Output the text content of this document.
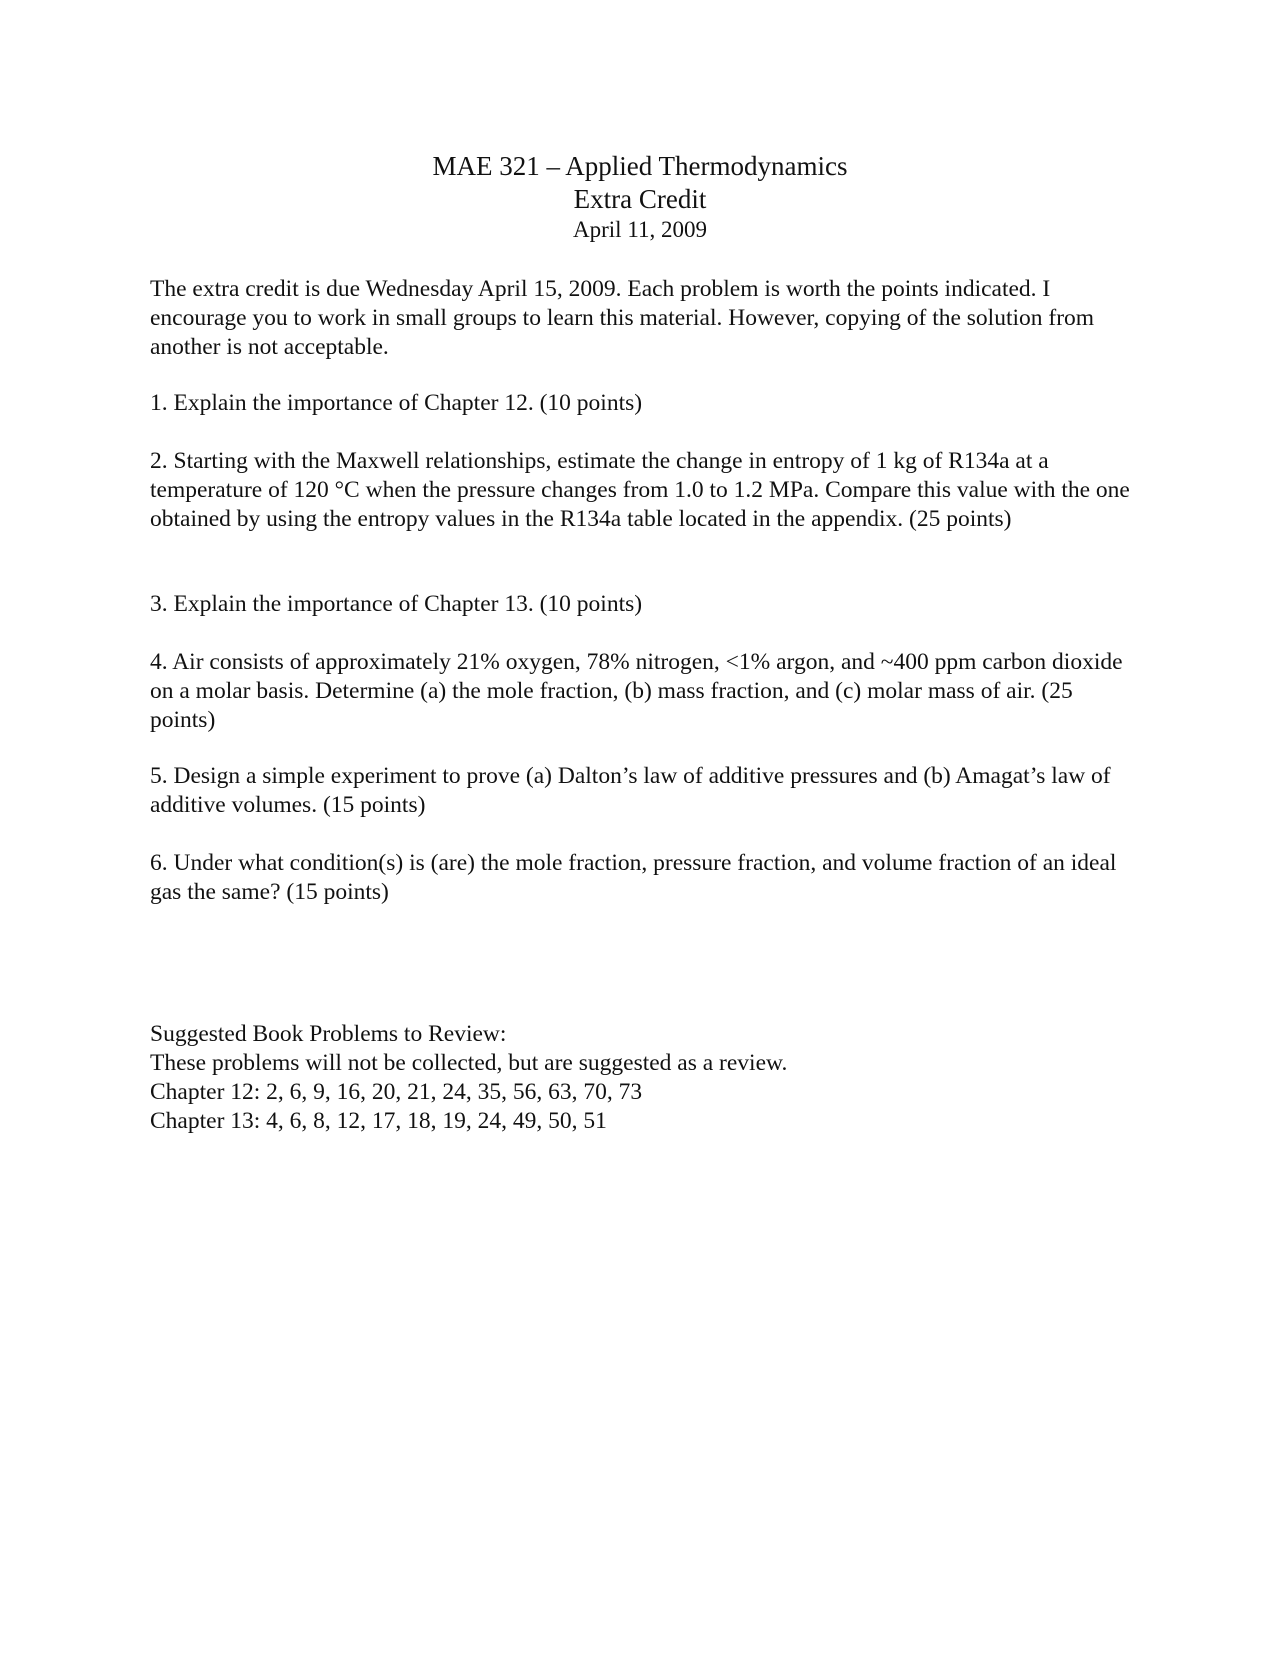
MAE 321 – Applied Thermodynamics
Extra Credit
April 11, 2009

The extra credit is due Wednesday April 15, 2009. Each problem is worth the points indicated. I encourage you to work in small groups to learn this material. However, copying of the solution from another is not acceptable.

1. Explain the importance of Chapter 12. (10 points)

2. Starting with the Maxwell relationships, estimate the change in entropy of 1 kg of R134a at a temperature of 120 °C when the pressure changes from 1.0 to 1.2 MPa. Compare this value with the one obtained by using the entropy values in the R134a table located in the appendix. (25 points)

3. Explain the importance of Chapter 13. (10 points)

4. Air consists of approximately 21% oxygen, 78% nitrogen, <1% argon, and ~400 ppm carbon dioxide on a molar basis. Determine (a) the mole fraction, (b) mass fraction, and (c) molar mass of air. (25 points)

5. Design a simple experiment to prove (a) Dalton’s law of additive pressures and (b) Amagat’s law of additive volumes. (15 points)

6. Under what condition(s) is (are) the mole fraction, pressure fraction, and volume fraction of an ideal gas the same? (15 points)

Suggested Book Problems to Review:
These problems will not be collected, but are suggested as a review.
Chapter 12: 2, 6, 9, 16, 20, 21, 24, 35, 56, 63, 70, 73
Chapter 13: 4, 6, 8, 12, 17, 18, 19, 24, 49, 50, 51
